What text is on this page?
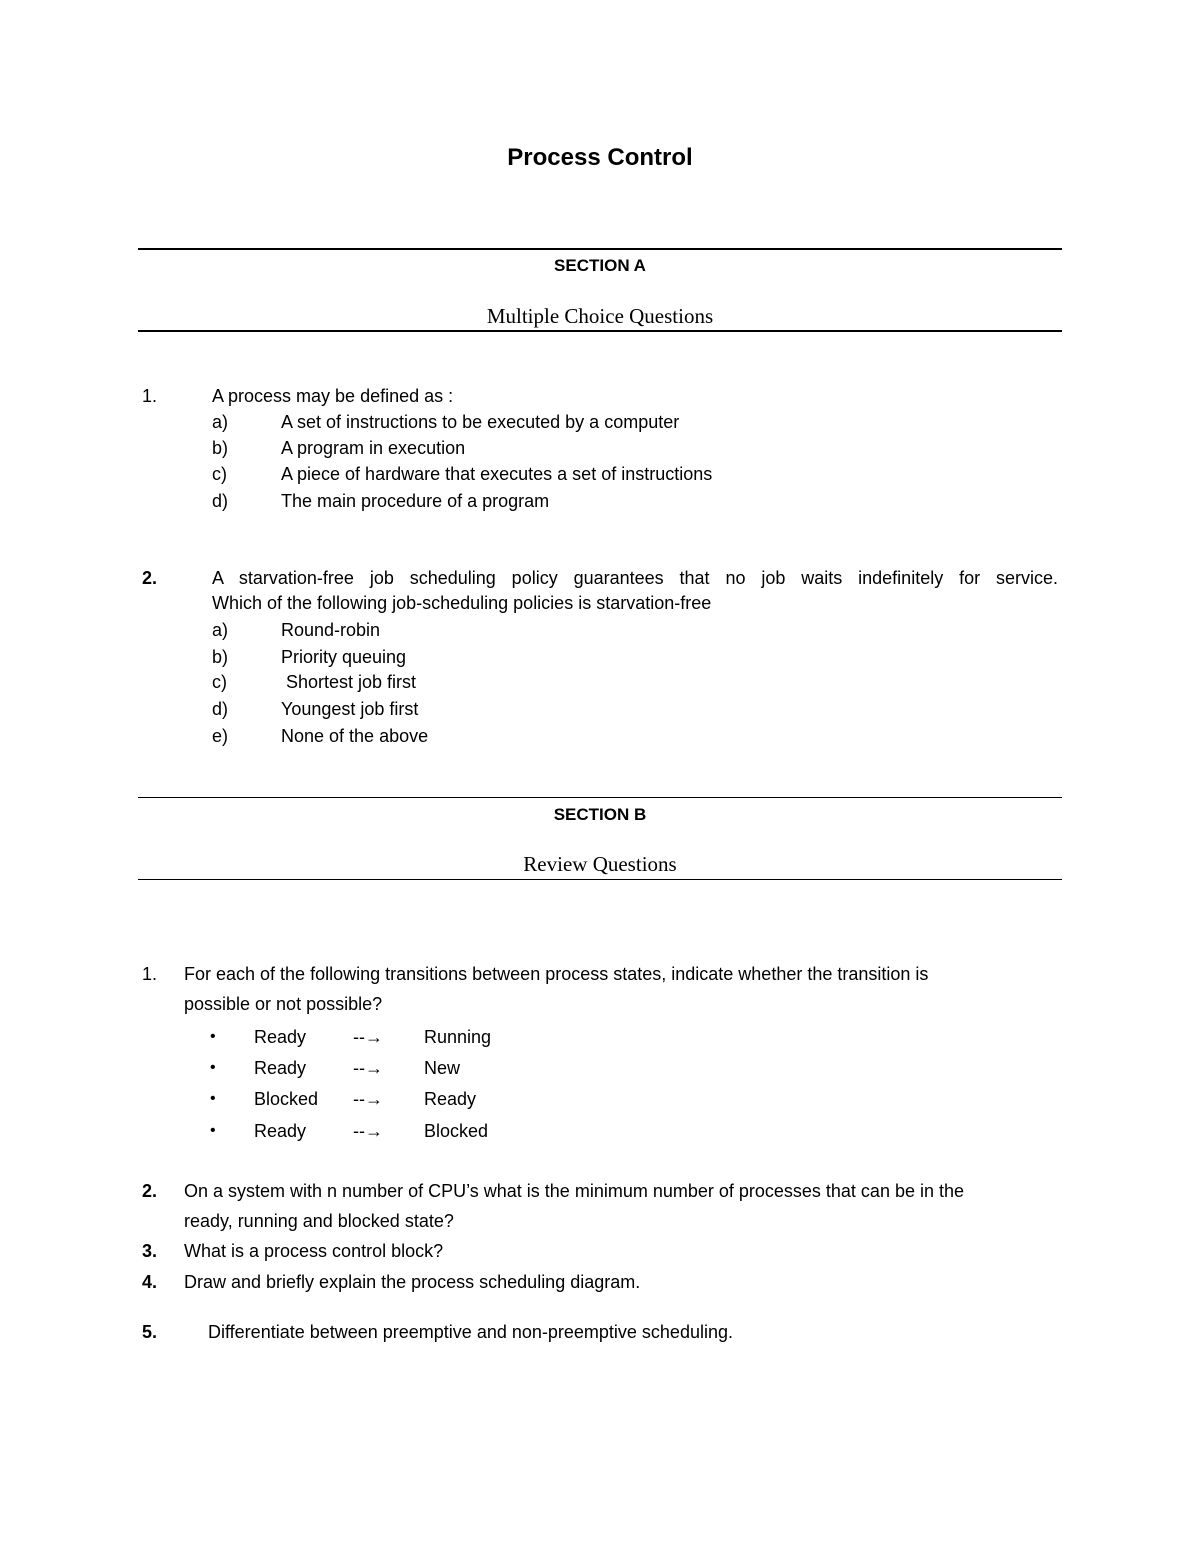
Process Control
SECTION A
Multiple Choice Questions
1.	A process may be defined as :
a)	A set of instructions to be executed by a computer
b)	A program in execution
c)	A piece of hardware that executes a set of instructions
d)	The main procedure of a program
2.	A starvation-free job scheduling policy guarantees that no job waits indefinitely for service.
Which of the following job-scheduling policies is starvation-free
a)	Round-robin
b)	Priority queuing
c)	Shortest job first
d)	Youngest job first
e)	None of the above
SECTION B
Review Questions
1. For each of the following transitions between process states, indicate whether the transition is
possible or not possible?
• Ready	--→ Running
• Ready	--→ New
• Blocked --→ Ready
• Ready	--→ Blocked
2. On a system with n number of CPU’s what is the minimum number of processes that can be in the
ready, running and blocked state?
3. What is a process control block?
4. Draw and briefly explain the process scheduling diagram.
5.	Differentiate between preemptive and non-preemptive scheduling.
